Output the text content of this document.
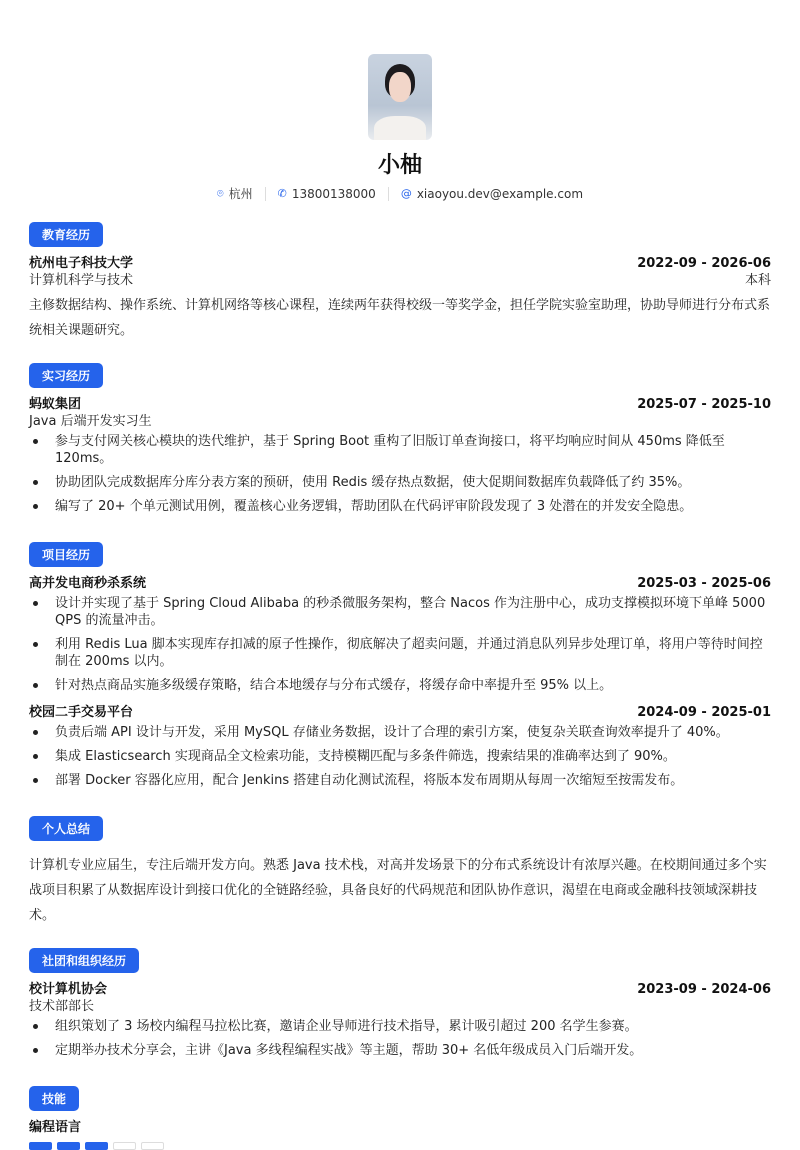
小柚
⌾ 杭州 ✆ 13800138000 @ xiaoyou.dev@example.com
教育经历
杭州电子科技大学	2022-09 - 2026-06
计算机科学与技术	本科
主修数据结构、操作系统、计算机网络等核心课程，连续两年获得校级一等奖学金，担任学院实验室助理，协助导师进行分布式系统相关课题研究。
实习经历
蚂蚁集团	2025-07 - 2025-10
Java 后端开发实习生
参与支付网关核心模块的迭代维护，基于 Spring Boot 重构了旧版订单查询接口，将平均响应时间从 450ms 降低至 120ms。
协助团队完成数据库分库分表方案的预研，使用 Redis 缓存热点数据，使大促期间数据库负载降低了约 35%。
编写了 20+ 个单元测试用例，覆盖核心业务逻辑，帮助团队在代码评审阶段发现了 3 处潜在的并发安全隐患。
项目经历
高并发电商秒杀系统	2025-03 - 2025-06
设计并实现了基于 Spring Cloud Alibaba 的秒杀微服务架构，整合 Nacos 作为注册中心，成功支撑模拟环境下单峰 5000 QPS 的流量冲击。
利用 Redis Lua 脚本实现库存扣减的原子性操作，彻底解决了超卖问题，并通过消息队列异步处理订单，将用户等待时间控制在 200ms 以内。
针对热点商品实施多级缓存策略，结合本地缓存与分布式缓存，将缓存命中率提升至 95% 以上。
校园二手交易平台	2024-09 - 2025-01
负责后端 API 设计与开发，采用 MySQL 存储业务数据，设计了合理的索引方案，使复杂关联查询效率提升了 40%。
集成 Elasticsearch 实现商品全文检索功能，支持模糊匹配与多条件筛选，搜索结果的准确率达到了 90%。
部署 Docker 容器化应用，配合 Jenkins 搭建自动化测试流程，将版本发布周期从每周一次缩短至按需发布。
个人总结
计算机专业应届生，专注后端开发方向。熟悉 Java 技术栈，对高并发场景下的分布式系统设计有浓厚兴趣。在校期间通过多个实战项目积累了从数据库设计到接口优化的全链路经验，具备良好的代码规范和团队协作意识，渴望在电商或金融科技领域深耕技术。
社团和组织经历
校计算机协会	2023-09 - 2024-06
技术部部长
组织策划了 3 场校内编程马拉松比赛，邀请企业导师进行技术指导，累计吸引超过 200 名学生参赛。
定期举办技术分享会，主讲《Java 多线程编程实战》等主题，帮助 30+ 名低年级成员入门后端开发。
技能
编程语言
